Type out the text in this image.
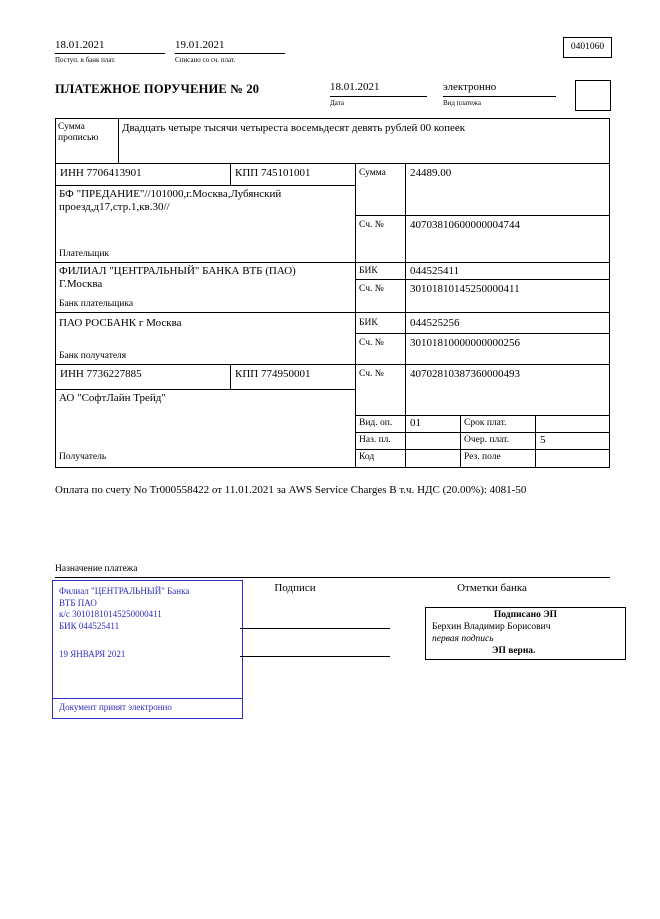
18.01.2021
Поступ. в банк плат.
19.01.2021
Списано со сч. плат.
0401060
ПЛАТЕЖНОЕ ПОРУЧЕНИЕ № 20	18.01.2021
Дата
электронно
Вид платежа
Сумма прописью
Двадцать четыре тысячи четыреста восемьдесят девять рублей 00 копеек
ИНН 7706413901	КПП 745101001	Сумма 24489.00
БФ "ПРЕДАНИЕ"//101000,г.Москва,Лубянский проезд,д17,стр.1,кв.30//
Плательщик
Сч. № 40703810600000004744
ФИЛИАЛ "ЦЕНТРАЛЬНЫЙ" БАНКА ВТБ (ПАО)
Г.Москва
Банк плательщика
БИК	044525411
Сч. № 30101810145250000411
ПАО РОСБАНК г Москва
Банк получателя
БИК	044525256
Сч. № 30101810000000000256
ИНН 7736227885	КПП 774950001	Сч. № 40702810387360000493
АО "СофтЛайн Трейд"
Получатель
Вид. оп. 01	Срок плат.
Наз. пл.	Очер. плат.	5
Код	Рез. поле
Оплата по счету No Tr000558422 от 11.01.2021 за AWS Service Charges В т.ч. НДС (20.00%): 4081-50
Назначение платежа
Подписи	Отметки банка
Филиал "ЦЕНТРАЛЬНЫЙ" Банка
ВТБ ПАО
к/с 30101810145250000411
БИК 044525411
19 ЯНВАРЯ 2021
Документ принят электронно
Подписано ЭП
Берхин Владимир Борисович
первая подпись
ЭП верна.
